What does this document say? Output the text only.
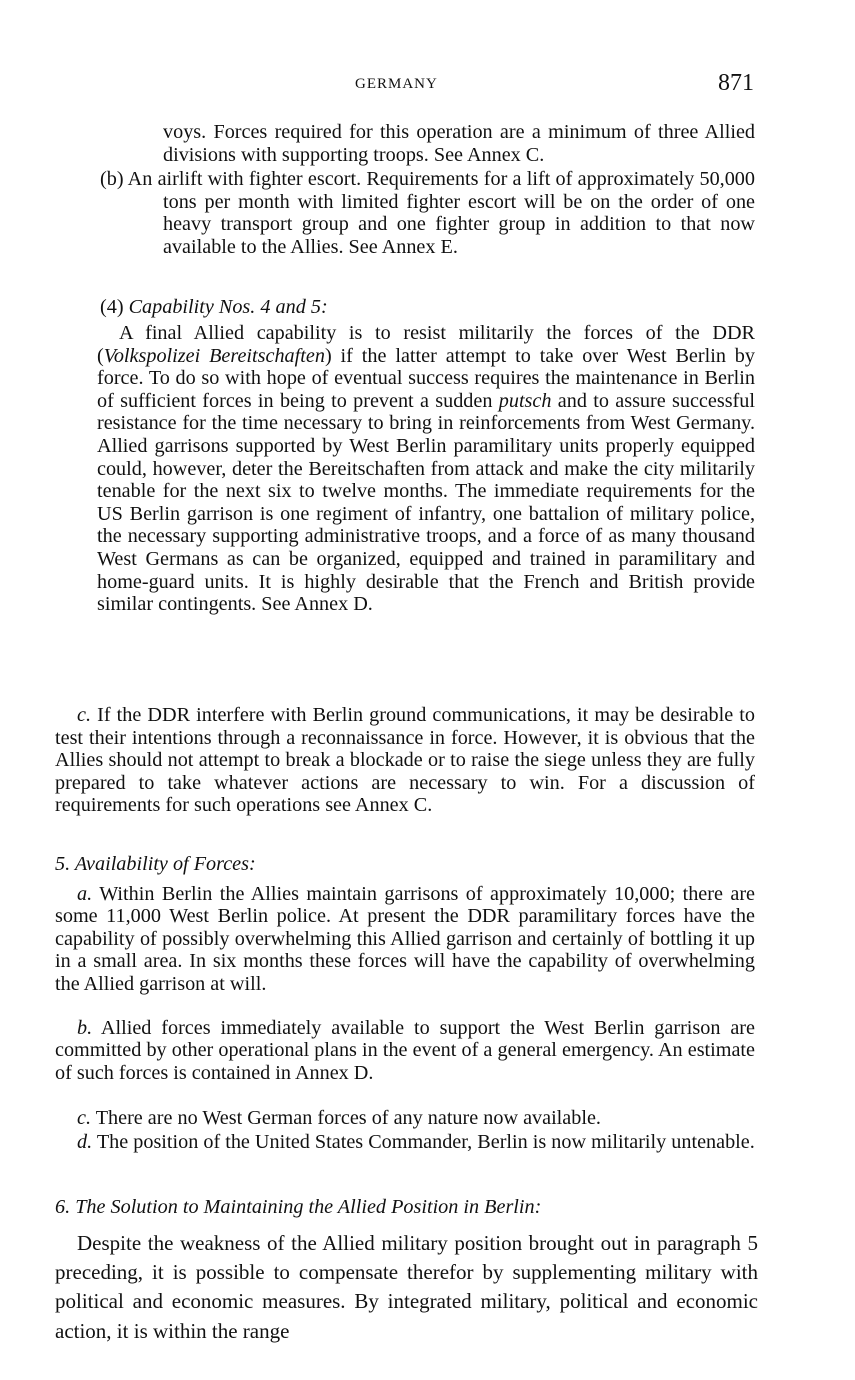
GERMANY	871

voys. Forces required for this operation are a minimum of three Allied divisions with supporting troops. See Annex C.

(b) An airlift with fighter escort. Requirements for a lift of approximately 50,000 tons per month with limited fighter escort will be on the order of one heavy transport group and one fighter group in addition to that now available to the Allies. See Annex E.

(4) Capability Nos. 4 and 5:

A final Allied capability is to resist militarily the forces of the DDR (Volkspolizei Bereitschaften) if the latter attempt to take over West Berlin by force. To do so with hope of eventual success requires the maintenance in Berlin of sufficient forces in being to prevent a sudden putsch and to assure successful resistance for the time necessary to bring in reinforcements from West Germany. Allied garrisons supported by West Berlin paramilitary units properly equipped could, however, deter the Bereitschaften from attack and make the city militarily tenable for the next six to twelve months. The immediate requirements for the US Berlin garrison is one regiment of infantry, one battalion of military police, the necessary supporting administrative troops, and a force of as many thousand West Germans as can be organized, equipped and trained in paramilitary and home-guard units. It is highly desirable that the French and British provide similar contingents. See Annex D.

c. If the DDR interfere with Berlin ground communications, it may be desirable to test their intentions through a reconnaissance in force. However, it is obvious that the Allies should not attempt to break a blockade or to raise the siege unless they are fully prepared to take whatever actions are necessary to win. For a discussion of requirements for such operations see Annex C.

5. Availability of Forces:

a. Within Berlin the Allies maintain garrisons of approximately 10,000; there are some 11,000 West Berlin police. At present the DDR paramilitary forces have the capability of possibly overwhelming this Allied garrison and certainly of bottling it up in a small area. In six months these forces will have the capability of overwhelming the Allied garrison at will.

b. Allied forces immediately available to support the West Berlin garrison are committed by other operational plans in the event of a general emergency. An estimate of such forces is contained in Annex D.

c. There are no West German forces of any nature now available.

d. The position of the United States Commander, Berlin is now militarily untenable.

6. The Solution to Maintaining the Allied Position in Berlin:

Despite the weakness of the Allied military position brought out in paragraph 5 preceding, it is possible to compensate therefor by supplementing military with political and economic measures. By integrated military, political and economic action, it is within the range
